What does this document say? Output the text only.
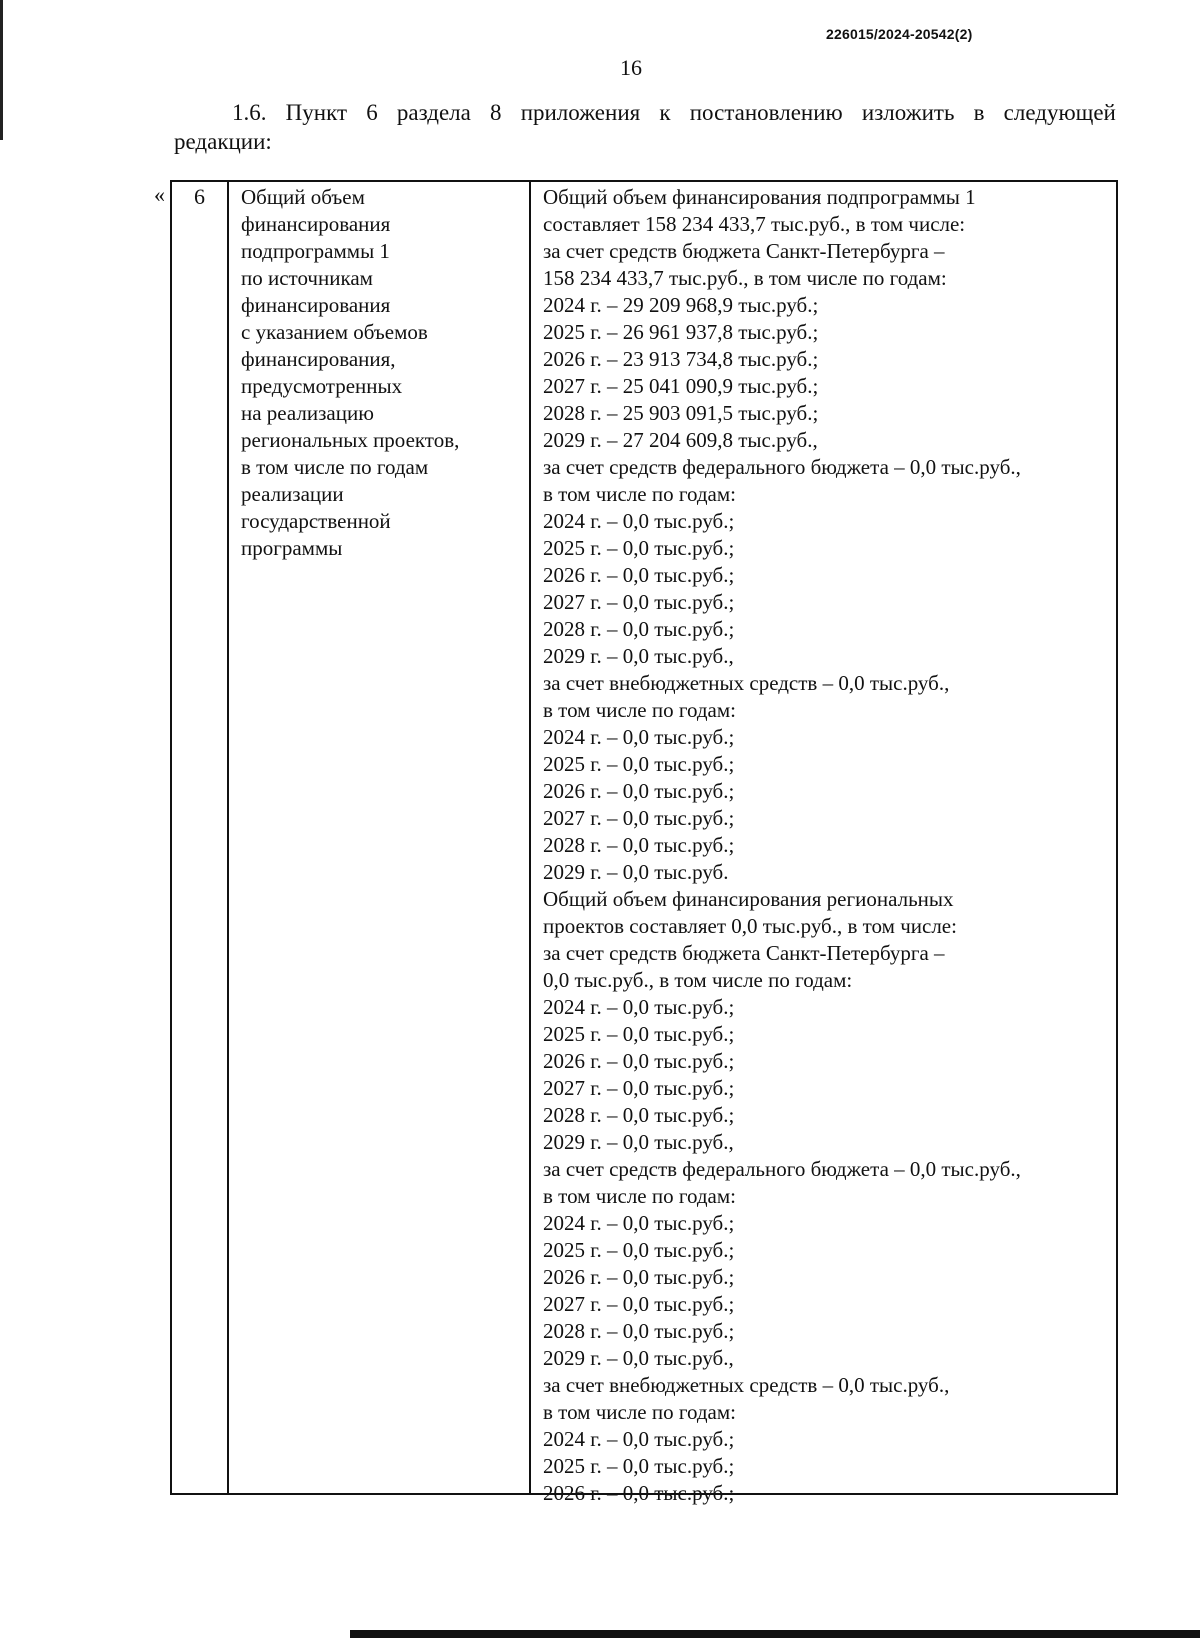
226015/2024-20542(2)
16
1.6. Пункт 6 раздела 8 приложения к постановлению изложить в следующей
редакции:
«	6	Общий объем
финансирования
подпрограммы 1
по источникам
финансирования
с указанием объемов
финансирования,
предусмотренных
на реализацию
региональных проектов,
в том числе по годам
реализации
государственной
программы
Общий объем финансирования подпрограммы 1
составляет 158 234 433,7 тыс.руб., в том числе:
за счет средств бюджета Санкт-Петербурга –
158 234 433,7 тыс.руб., в том числе по годам:
2024 г. – 29 209 968,9 тыс.руб.;
2025 г. – 26 961 937,8 тыс.руб.;
2026 г. – 23 913 734,8 тыс.руб.;
2027 г. – 25 041 090,9 тыс.руб.;
2028 г. – 25 903 091,5 тыс.руб.;
2029 г. – 27 204 609,8 тыс.руб.,
за счет средств федерального бюджета – 0,0 тыс.руб.,
в том числе по годам:
2024 г. – 0,0 тыс.руб.;
2025 г. – 0,0 тыс.руб.;
2026 г. – 0,0 тыс.руб.;
2027 г. – 0,0 тыс.руб.;
2028 г. – 0,0 тыс.руб.;
2029 г. – 0,0 тыс.руб.,
за счет внебюджетных средств – 0,0 тыс.руб.,
в том числе по годам:
2024 г. – 0,0 тыс.руб.;
2025 г. – 0,0 тыс.руб.;
2026 г. – 0,0 тыс.руб.;
2027 г. – 0,0 тыс.руб.;
2028 г. – 0,0 тыс.руб.;
2029 г. – 0,0 тыс.руб.
Общий объем финансирования региональных
проектов составляет 0,0 тыс.руб., в том числе:
за счет средств бюджета Санкт-Петербурга –
0,0 тыс.руб., в том числе по годам:
2024 г. – 0,0 тыс.руб.;
2025 г. – 0,0 тыс.руб.;
2026 г. – 0,0 тыс.руб.;
2027 г. – 0,0 тыс.руб.;
2028 г. – 0,0 тыс.руб.;
2029 г. – 0,0 тыс.руб.,
за счет средств федерального бюджета – 0,0 тыс.руб.,
в том числе по годам:
2024 г. – 0,0 тыс.руб.;
2025 г. – 0,0 тыс.руб.;
2026 г. – 0,0 тыс.руб.;
2027 г. – 0,0 тыс.руб.;
2028 г. – 0,0 тыс.руб.;
2029 г. – 0,0 тыс.руб.,
за счет внебюджетных средств – 0,0 тыс.руб.,
в том числе по годам:
2024 г. – 0,0 тыс.руб.;
2025 г. – 0,0 тыс.руб.;
2026 г. – 0,0 тыс.руб.;
